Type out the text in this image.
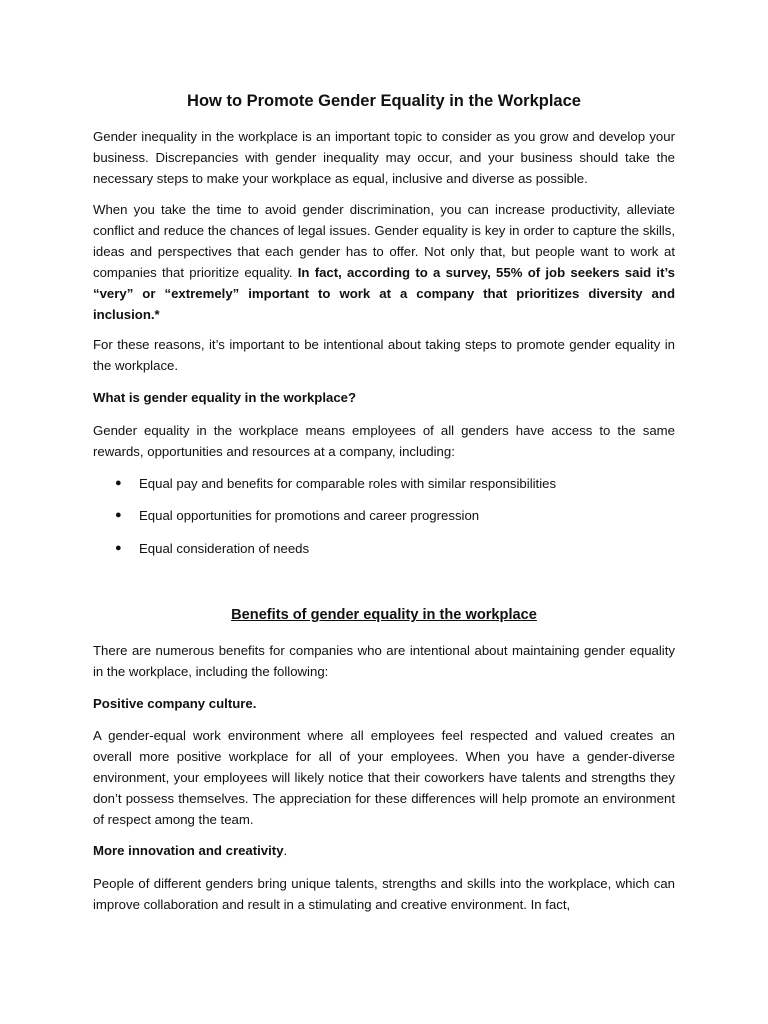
How to Promote Gender Equality in the Workplace

Gender inequality in the workplace is an important topic to consider as you grow and develop your business. Discrepancies with gender inequality may occur, and your business should take the necessary steps to make your workplace as equal, inclusive and diverse as possible.

When you take the time to avoid gender discrimination, you can increase productivity, alleviate conflict and reduce the chances of legal issues. Gender equality is key in order to capture the skills, ideas and perspectives that each gender has to offer. Not only that, but people want to work at companies that prioritize equality. In fact, according to a survey, 55% of job seekers said it’s “very” or “extremely” important to work at a company that prioritizes diversity and inclusion.*

For these reasons, it’s important to be intentional about taking steps to promote gender equality in the workplace.

What is gender equality in the workplace?

Gender equality in the workplace means employees of all genders have access to the same rewards, opportunities and resources at a company, including:

● Equal pay and benefits for comparable roles with similar responsibilities
● Equal opportunities for promotions and career progression
● Equal consideration of needs
Benefits of gender equality in the workplace

There are numerous benefits for companies who are intentional about maintaining gender equality in the workplace, including the following:

Positive company culture.

A gender-equal work environment where all employees feel respected and valued creates an overall more positive workplace for all of your employees. When you have a gender-diverse environment, your employees will likely notice that their coworkers have talents and strengths they don’t possess themselves. The appreciation for these differences will help promote an environment of respect among the team.

More innovation and creativity.

People of different genders bring unique talents, strengths and skills into the workplace, which can improve collaboration and result in a stimulating and creative environment. In fact,
